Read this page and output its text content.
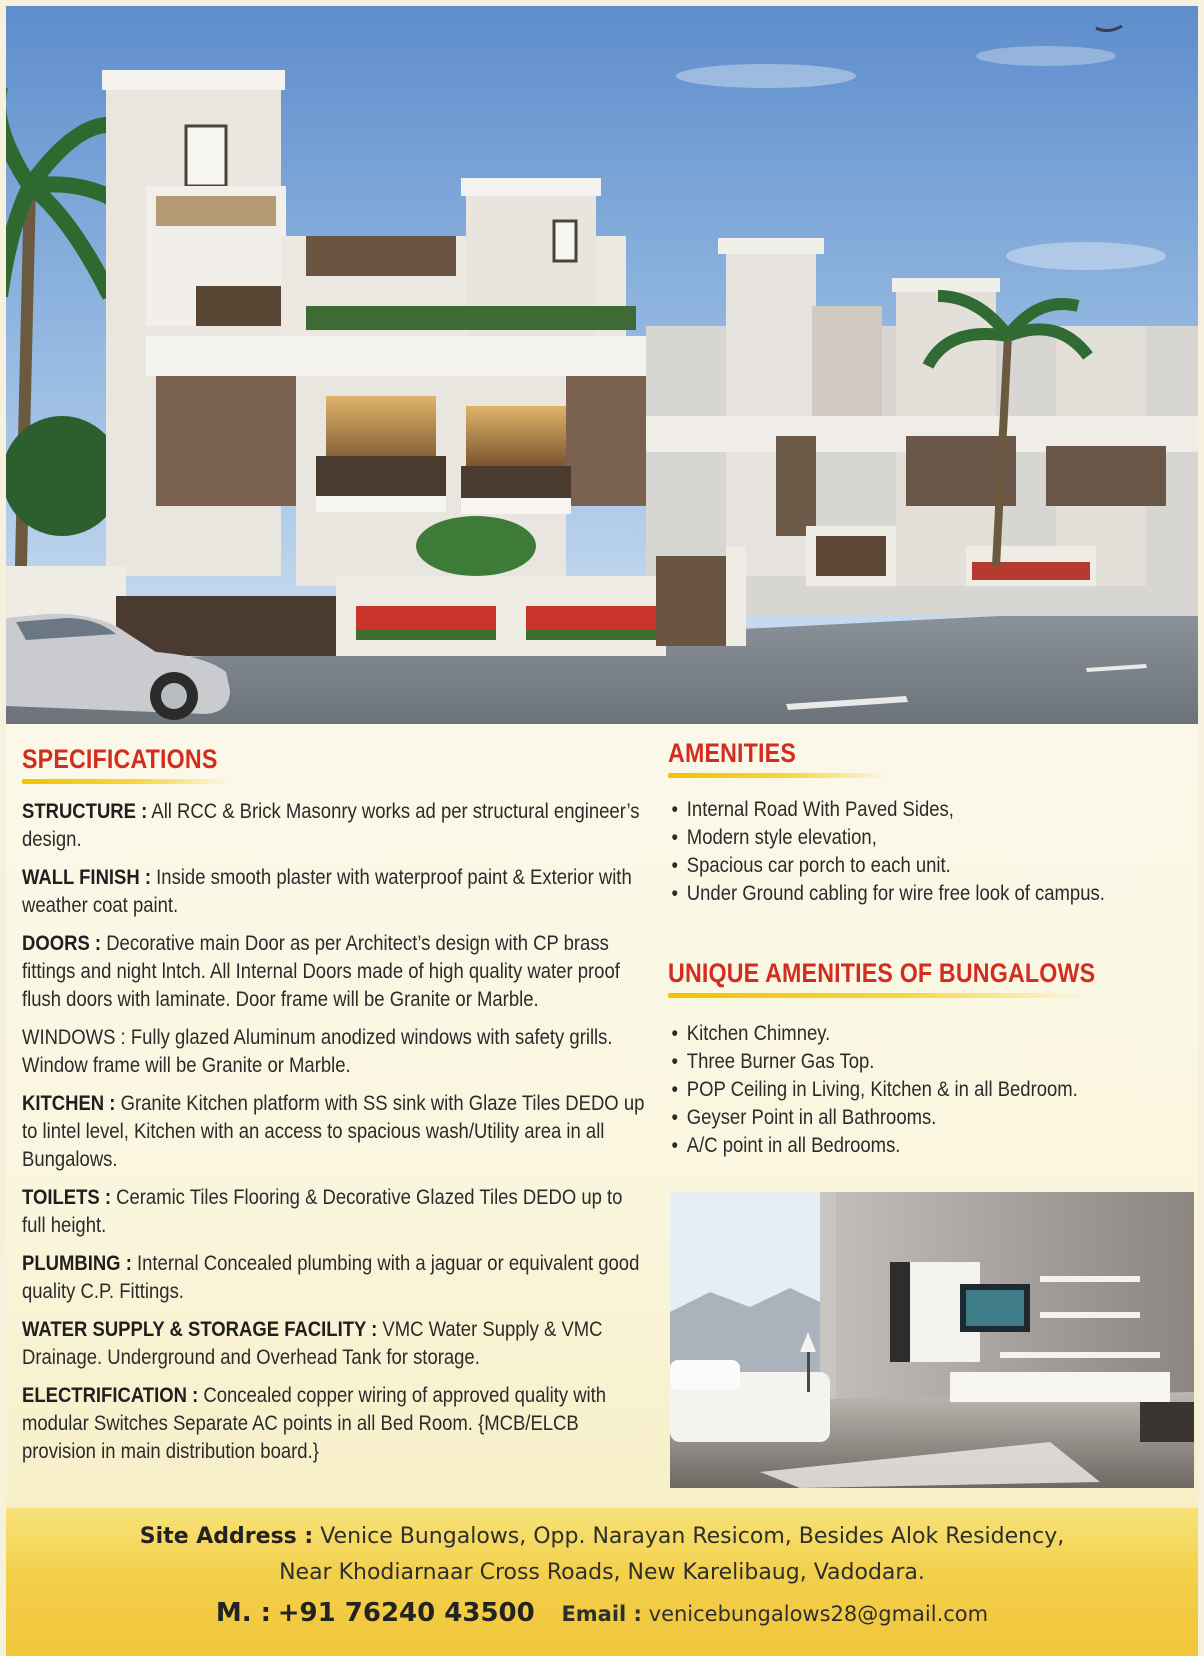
SPECIFICATIONS
STRUCTURE : All RCC & Brick Masonry works ad per structural engineer’s design.
WALL FINISH : Inside smooth plaster with waterproof paint & Exterior with weather coat paint.
DOORS : Decorative main Door as per Architect’s design with CP brass fittings and night lntch. All Internal Doors made of high quality water proof flush doors with laminate. Door frame will be Granite or Marble.
WINDOWS : Fully glazed Aluminum anodized windows with safety grills. Window frame will be Granite or Marble.
KITCHEN : Granite Kitchen platform with SS sink with Glaze Tiles DEDO up to lintel level, Kitchen with an access to spacious wash/Utility area in all Bungalows.
TOILETS : Ceramic Tiles Flooring & Decorative Glazed Tiles DEDO up to full height.
PLUMBING : Internal Concealed plumbing with a jaguar or equivalent good quality C.P. Fittings.
WATER SUPPLY & STORAGE FACILITY : VMC Water Supply & VMC Drainage. Underground and Overhead Tank for storage.
ELECTRIFICATION : Concealed copper wiring of approved quality with modular Switches Separate AC points in all Bed Room. {MCB/ELCB provision in main distribution board.}
AMENITIES
• Internal Road With Paved Sides,
• Modern style elevation,
• Spacious car porch to each unit.
• Under Ground cabling for wire free look of campus.
UNIQUE AMENITIES OF BUNGALOWS
• Kitchen Chimney.
• Three Burner Gas Top.
• POP Ceiling in Living, Kitchen & in all Bedroom.
• Geyser Point in all Bathrooms.
• A/C point in all Bedrooms.
Site Address : Venice Bungalows, Opp. Narayan Resicom, Besides Alok Residency,
Near Khodiarnaar Cross Roads, New Karelibaug, Vadodara.
M. : +91 76240 43500 Email : venicebungalows28@gmail.com
